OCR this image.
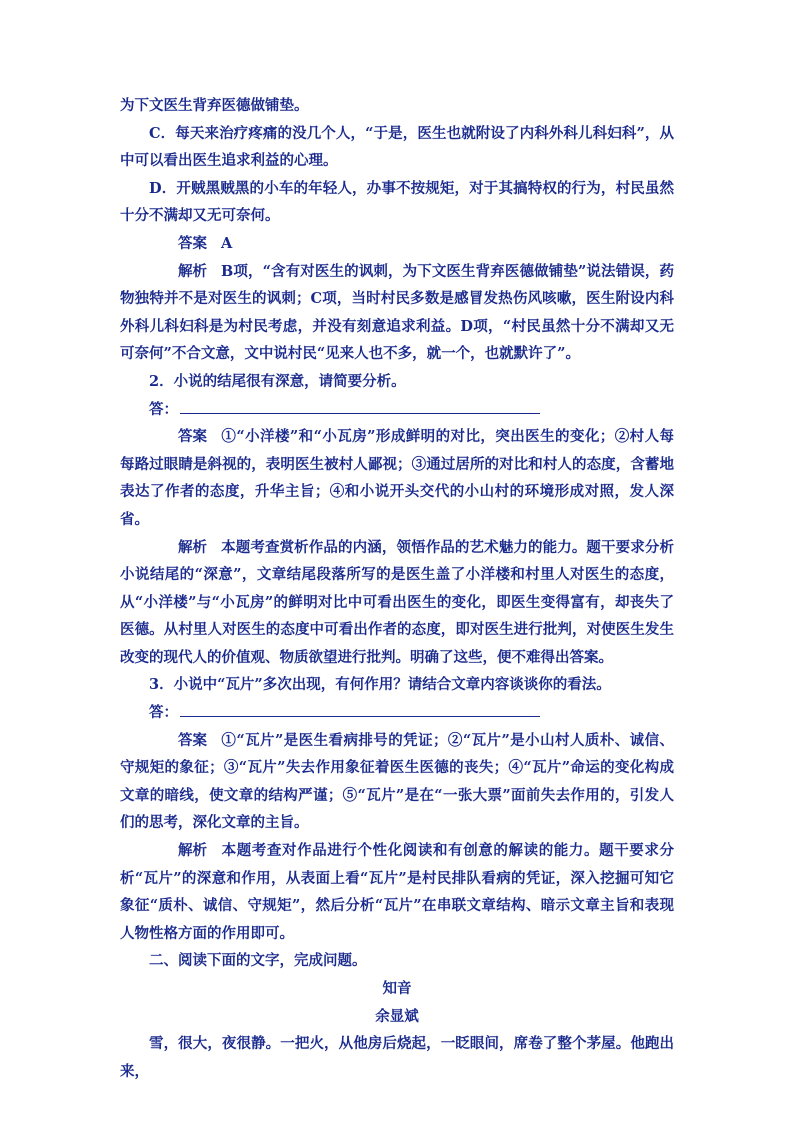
为下文医生背弃医德做铺垫。

C．每天来治疗疼痛的没几个人，“于是，医生也就附设了内科外科儿科妇科”，从中可以看出医生追求利益的心理。

D．开贼黑贼黑的小车的年轻人，办事不按规矩，对于其搞特权的行为，村民虽然十分不满却又无可奈何。

答案 A

解析 B项，“含有对医生的讽刺，为下文医生背弃医德做铺垫”说法错误，药物独特并不是对医生的讽刺；C项，当时村民多数是感冒发热伤风咳嗽，医生附设内科外科儿科妇科是为村民考虑，并没有刻意追求利益。D项，“村民虽然十分不满却又无可奈何”不合文意，文中说村民“见来人也不多，就一个，也就默许了”。

2．小说的结尾很有深意，请简要分析。

答：

答案 ①“小洋楼”和“小瓦房”形成鲜明的对比，突出医生的变化；②村人每每路过眼睛是斜视的，表明医生被村人鄙视；③通过居所的对比和村人的态度，含蓄地表达了作者的态度，升华主旨；④和小说开头交代的小山村的环境形成对照，发人深省。

解析 本题考查赏析作品的内涵，领悟作品的艺术魅力的能力。题干要求分析小说结尾的“深意”，文章结尾段落所写的是医生盖了小洋楼和村里人对医生的态度，从“小洋楼”与“小瓦房”的鲜明对比中可看出医生的变化，即医生变得富有，却丧失了医德。从村里人对医生的态度中可看出作者的态度，即对医生进行批判，对使医生发生改变的现代人的价值观、物质欲望进行批判。明确了这些，便不难得出答案。

3．小说中“瓦片”多次出现，有何作用？请结合文章内容谈谈你的看法。

答：

答案 ①“瓦片”是医生看病排号的凭证；②“瓦片”是小山村人质朴、诚信、守规矩的象征；③“瓦片”失去作用象征着医生医德的丧失；④“瓦片”命运的变化构成文章的暗线，使文章的结构严谨；⑤“瓦片”是在“一张大票”面前失去作用的，引发人们的思考，深化文章的主旨。

解析 本题考查对作品进行个性化阅读和有创意的解读的能力。题干要求分析“瓦片”的深意和作用，从表面上看“瓦片”是村民排队看病的凭证，深入挖掘可知它象征“质朴、诚信、守规矩”，然后分析“瓦片”在串联文章结构、暗示文章主旨和表现人物性格方面的作用即可。

二、阅读下面的文字，完成问题。

知音

余显斌

雪，很大，夜很静。一把火，从他房后烧起，一眨眼间，席卷了整个茅屋。他跑出来，
